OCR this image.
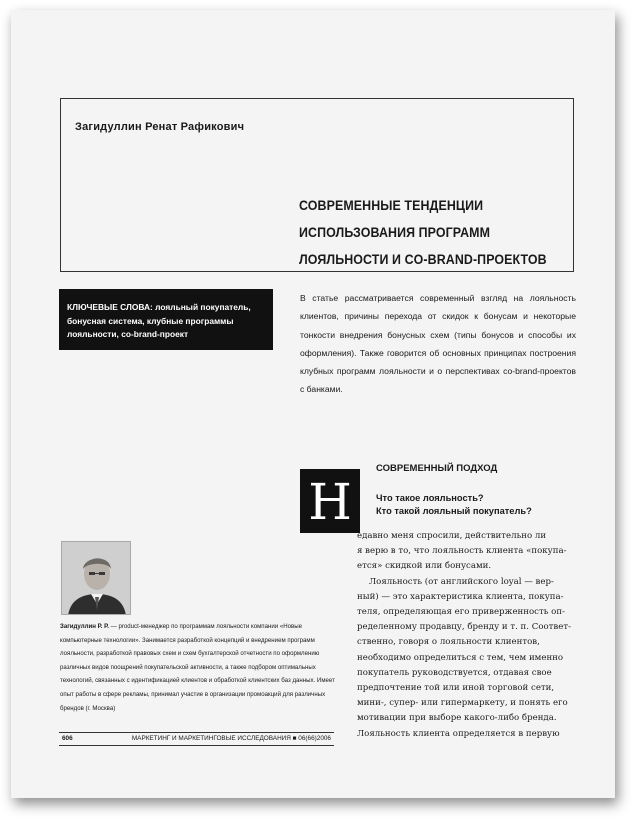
Загидуллин Ренат Рафикович
СОВРЕМЕННЫЕ ТЕНДЕНЦИИ
ИСПОЛЬЗОВАНИЯ ПРОГРАММ
ЛОЯЛЬНОСТИ И CO-BRAND-ПРОЕКТОВ
КЛЮЧЕВЫЕ СЛОВА: лояльный покупатель, бонусная система, клубные программы лояльности, co-brand-проект
В статье рассматривается современный взгляд на лояльность клиентов, причины перехода от скидок к бонусам и некоторые тонкости внедрения бонусных схем (типы бонусов и способы их оформления). Также говорится об основных принципах построения клубных программ лояльности и о перспективах co-brand-проектов с банками.
Н
СОВРЕМЕННЫЙ ПОДХОД
Что такое лояльность?
Кто такой лояльный покупатель?
едавно меня спросили, действительно ли
я верю в то, что лояльность клиента «покупа-
ется» скидкой или бонусами.
Лояльность (от английского loyal — вер-
ный) — это характеристика клиента, покупа-
теля, определяющая его приверженность оп-
ределенному продавцу, бренду и т. п. Соответ-
ственно, говоря о лояльности клиентов,
необходимо определиться с тем, чем именно
покупатель руководствуется, отдавая свое
предпочтение той или иной торговой сети,
мини-, супер- или гипермаркету, и понять его
мотивации при выборе какого-либо бренда.
Лояльность клиента определяется в первую
Загидуллин Р. Р. — product-менеджер по программам лояльности компании «Новые компьютерные технологии». Занимается разработкой концепций и внедрением программ лояльности, разработкой правовых схем и схем бухгалтерской отчетности по оформлению различных видов поощрений покупательской активности, а также подбором оптимальных технологий, связанных с идентификацией клиентов и обработкой клиентских баз данных. Имеет опыт работы в сфере рекламы, принимал участие в организации промоакций для различных брендов (г. Москва)
606	МАРКЕТИНГ И МАРКЕТИНГОВЫЕ ИССЛЕДОВАНИЯ ■ 06(66)2006
